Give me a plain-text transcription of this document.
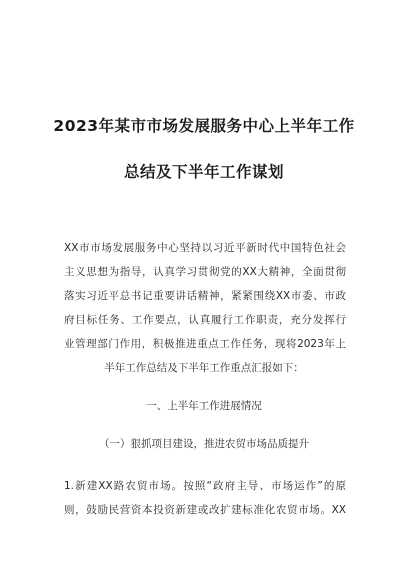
2023年某市市场发展服务中心上半年工作
总结及下半年工作谋划

XX市市场发展服务中心坚持以习近平新时代中国特色社会

主义思想为指导，认真学习贯彻党的XX大精神，全面贯彻

落实习近平总书记重要讲话精神，紧紧围绕XX市委、市政

府目标任务、工作要点，认真履行工作职责，充分发挥行

业管理部门作用，积极推进重点工作任务，现将2023年上

半年工作总结及下半年工作重点汇报如下：

一、上半年工作进展情况

（一）狠抓项目建设，推进农贸市场品质提升

1.新建XX路农贸市场。按照“政府主导、市场运作”的原

则，鼓励民营资本投资新建或改扩建标准化农贸市场。XX
